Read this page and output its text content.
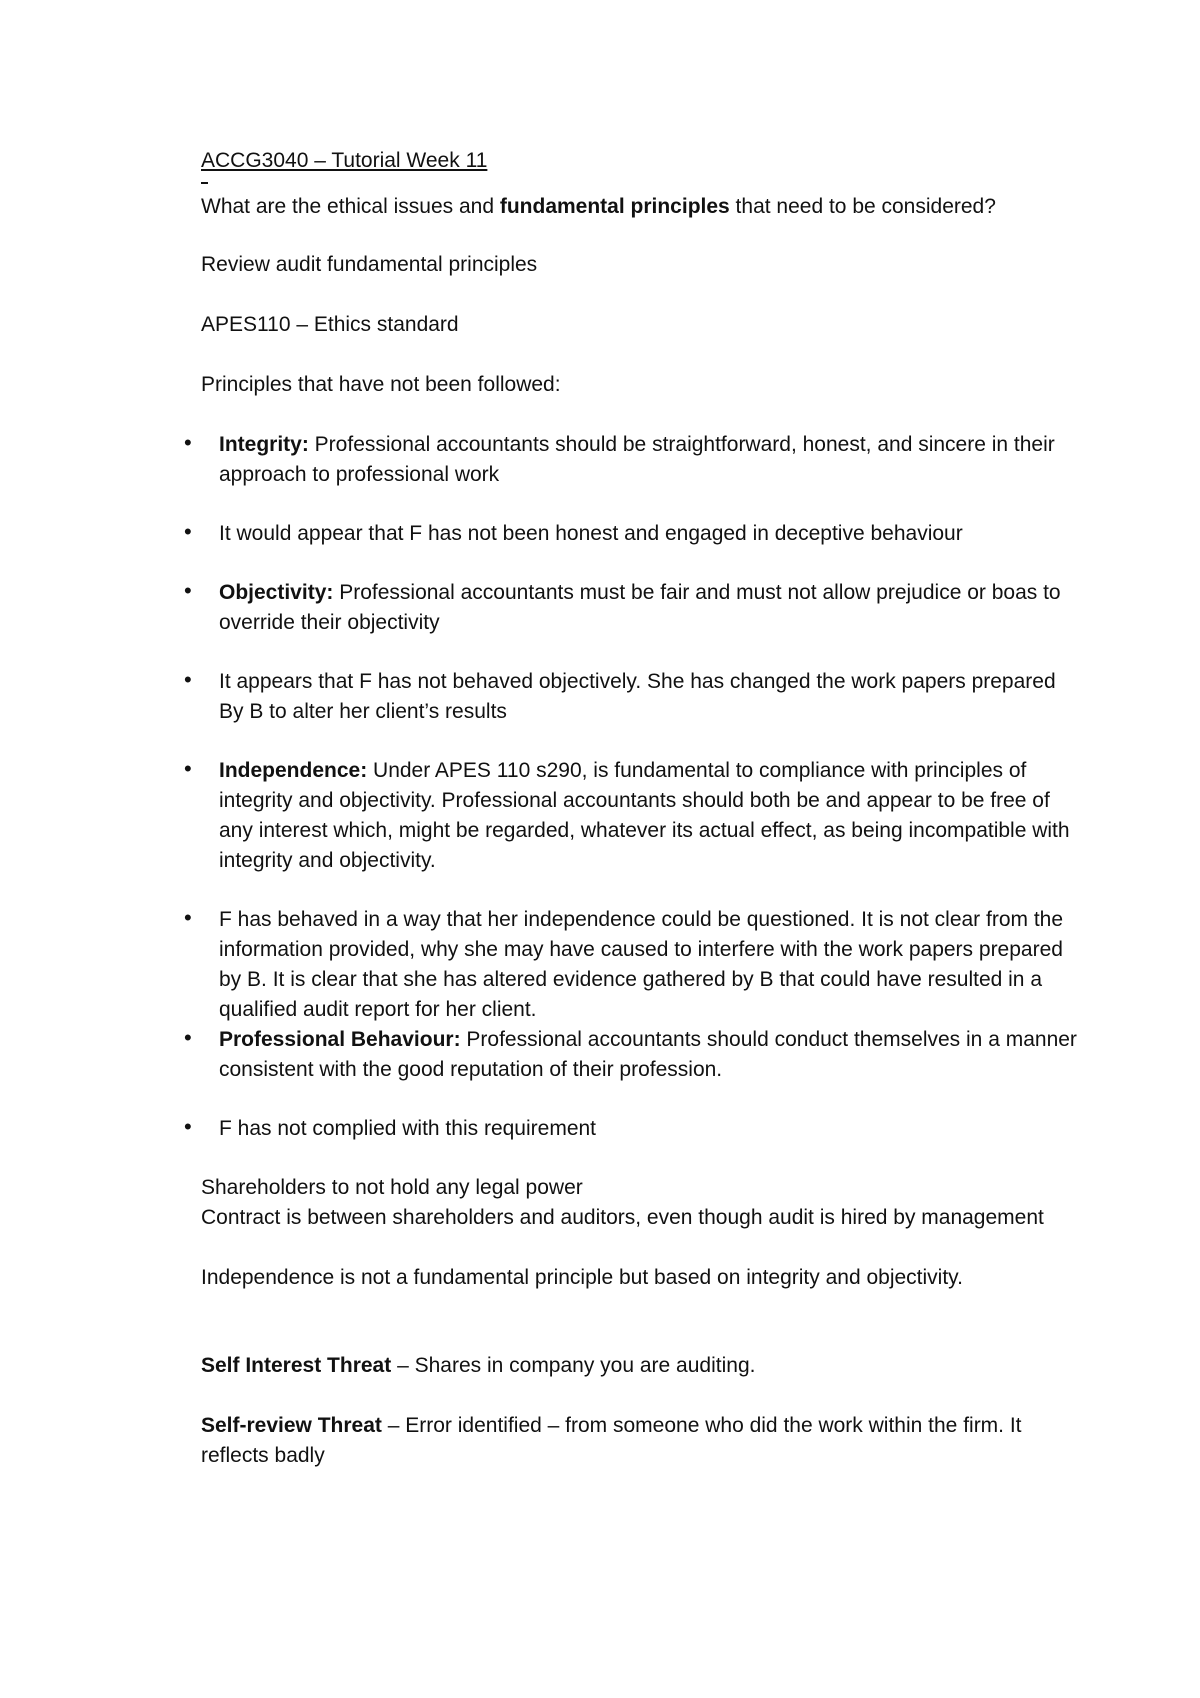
ACCG3040 – Tutorial Week 11

What are the ethical issues and fundamental principles that need to be considered?

Review audit fundamental principles

APES110 – Ethics standard

Principles that have not been followed:

• Integrity: Professional accountants should be straightforward, honest, and sincere in their approach to professional work
• It would appear that F has not been honest and engaged in deceptive behaviour
• Objectivity: Professional accountants must be fair and must not allow prejudice or boas to override their objectivity
• It appears that F has not behaved objectively. She has changed the work papers prepared By B to alter her client’s results
• Independence: Under APES 110 s290, is fundamental to compliance with principles of integrity and objectivity. Professional accountants should both be and appear to be free of any interest which, might be regarded, whatever its actual effect, as being incompatible with integrity and objectivity.
• F has behaved in a way that her independence could be questioned. It is not clear from the information provided, why she may have caused to interfere with the work papers prepared by B. It is clear that she has altered evidence gathered by B that could have resulted in a qualified audit report for her client.
• Professional Behaviour: Professional accountants should conduct themselves in a manner consistent with the good reputation of their profession.
• F has not complied with this requirement

Shareholders to not hold any legal power

Contract is between shareholders and auditors, even though audit is hired by management

Independence is not a fundamental principle but based on integrity and objectivity.

Self Interest Threat – Shares in company you are auditing.

Self-review Threat – Error identified – from someone who did the work within the firm. It reflects badly
